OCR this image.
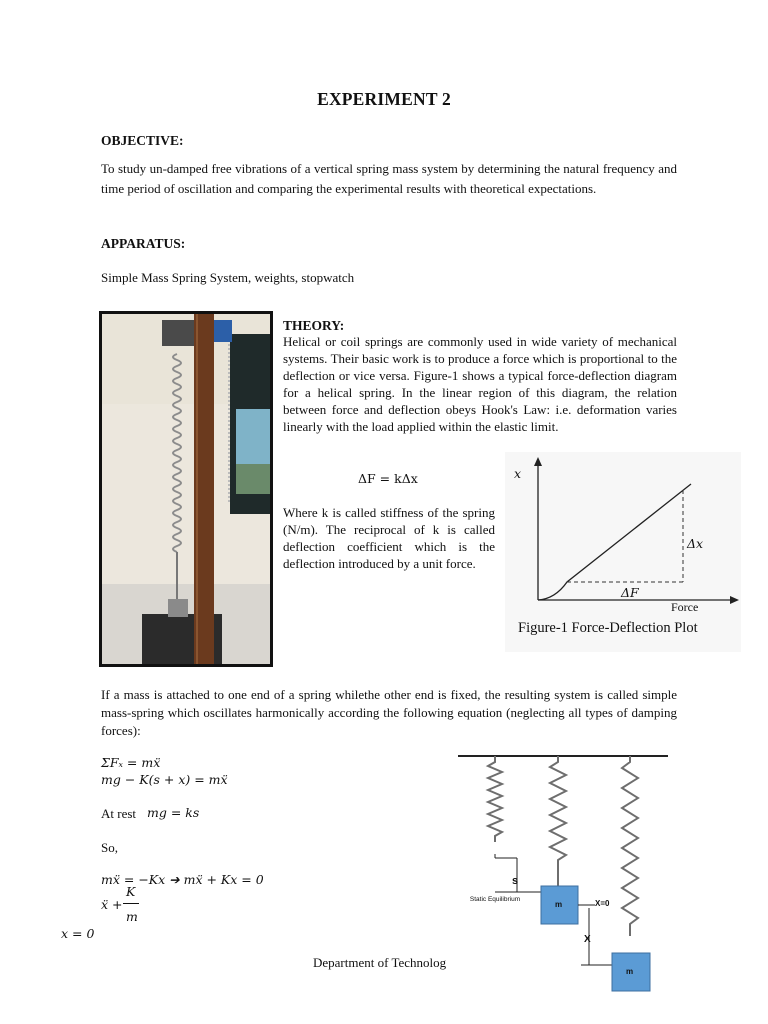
EXPERIMENT 2
OBJECTIVE:
To study un-damped free vibrations of a vertical spring mass system by determining the natural frequency and time period of oscillation and comparing the experimental results with theoretical expectations.
APPARATUS:
Simple Mass Spring System, weights, stopwatch
THEORY:
Helical or coil springs are commonly used in wide variety of mechanical systems. Their basic work is to produce a force which is proportional to the deflection or vice versa. Figure-1 shows a typical force-deflection diagram for a helical spring. In the linear region of this diagram, the relation between force and deflection obeys Hook's Law: i.e. deformation varies linearly with the load applied within the elastic limit.
ΔF = kΔx
Where k is called stiffness of the spring (N/m). The reciprocal of k is called deflection coefficient which is the deflection introduced by a unit force.
x
Δx
ΔF
Force
Figure-1 Force-Deflection Plot
If a mass is attached to one end of a spring whilethe other end is fixed, the resulting system is called simple mass-spring which oscillates harmonically according the following equation (neglecting all types of damping forces):
ΣFₓ = mẍ
mg − K(s + x) = mẍ
At rest mg = ks
So,
mẍ = −Kx ➔ mẍ + Kx = 0
ẍ +
K
m
x = 0
s
Static Equilibrium
m	X=0
X
m
Department of Technolog
